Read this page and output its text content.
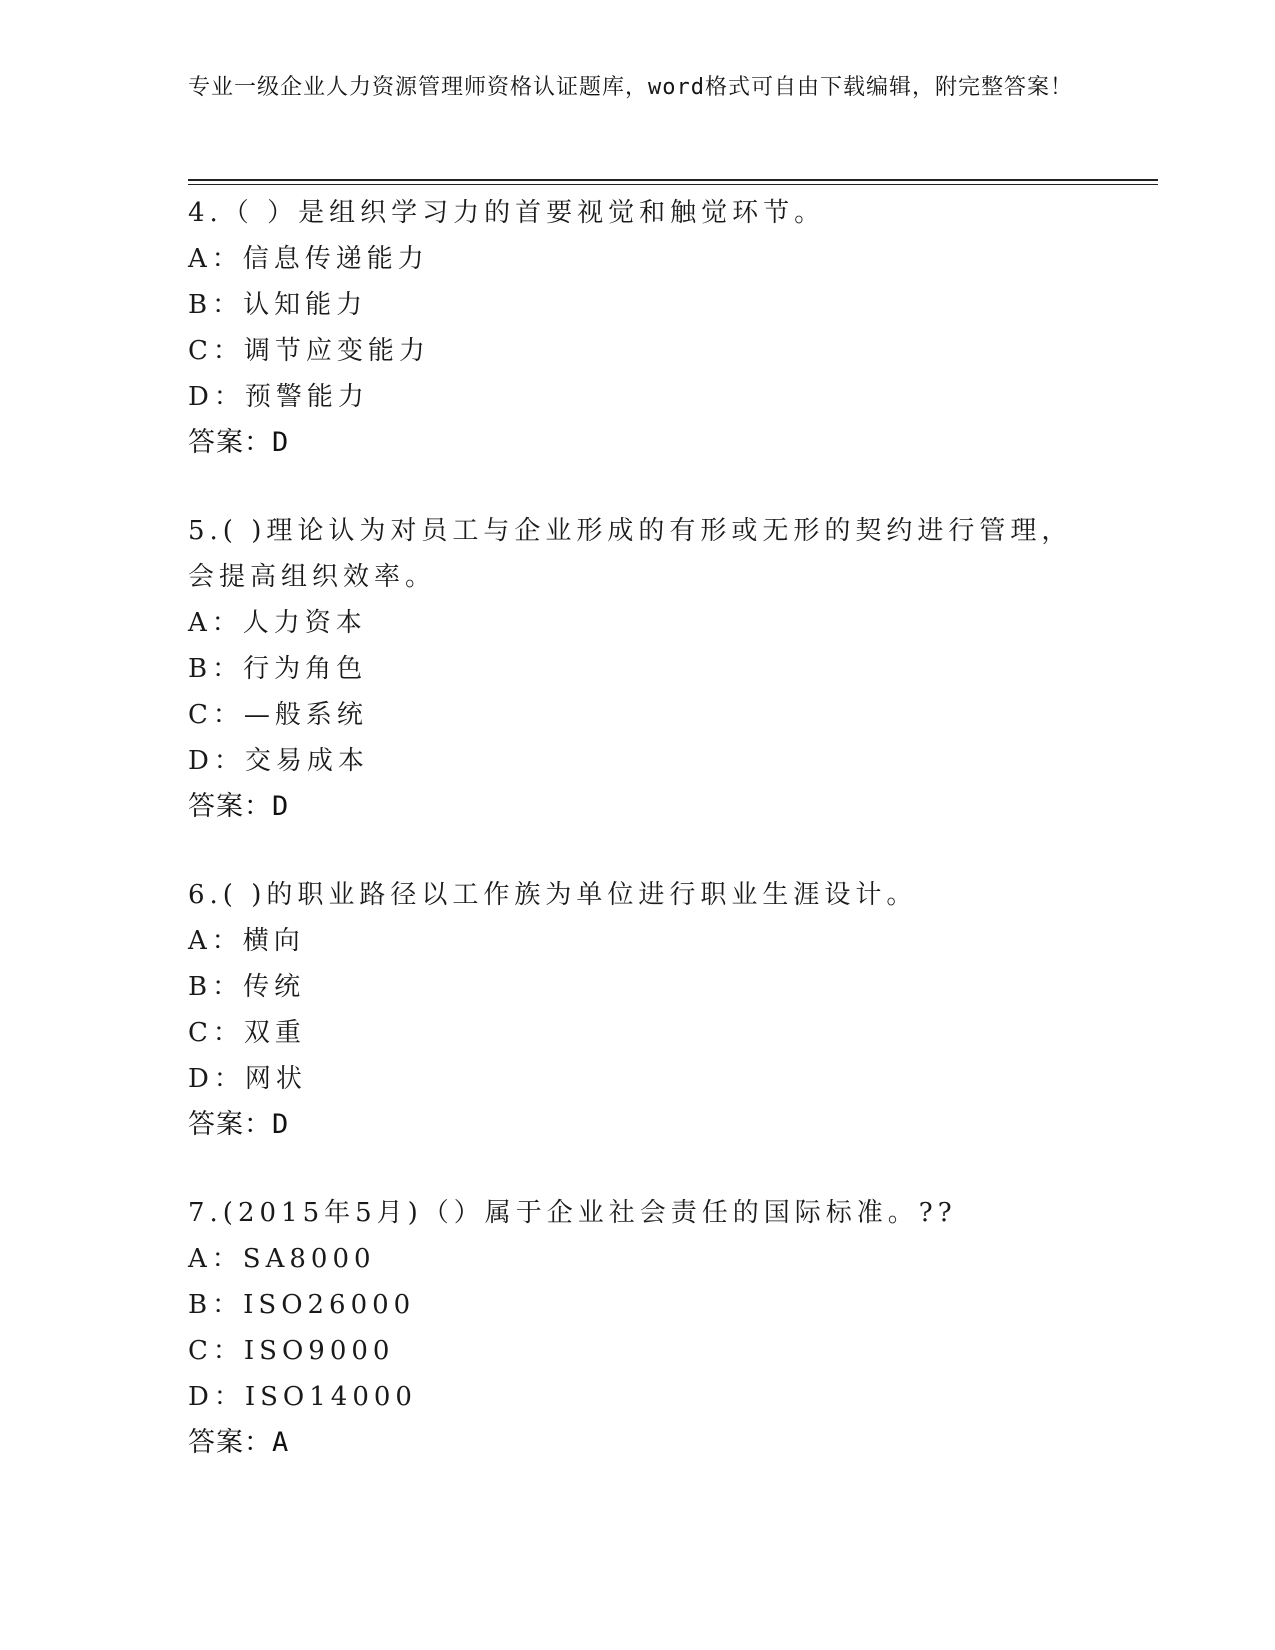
专业一级企业人力资源管理师资格认证题库，word格式可自由下载编辑，附完整答案！

4.（ ）是组织学习力的首要视觉和触觉环节。

A：信息传递能力

B：认知能力

C：调节应变能力

D：预警能力

答案：D

5.( )理论认为对员工与企业形成的有形或无形的契约进行管理，会提高组织效率。

A：人力资本

B：行为角色

C：—般系统

D：交易成本

答案：D

6.( )的职业路径以工作族为单位进行职业生涯设计。

A：横向

B：传统

C：双重

D：网状

答案：D

7.(2015年5月)（）属于企业社会责任的国际标准。??

A：SA8000

B：ISO26000

C：ISO9000

D：ISO14000

答案：A
